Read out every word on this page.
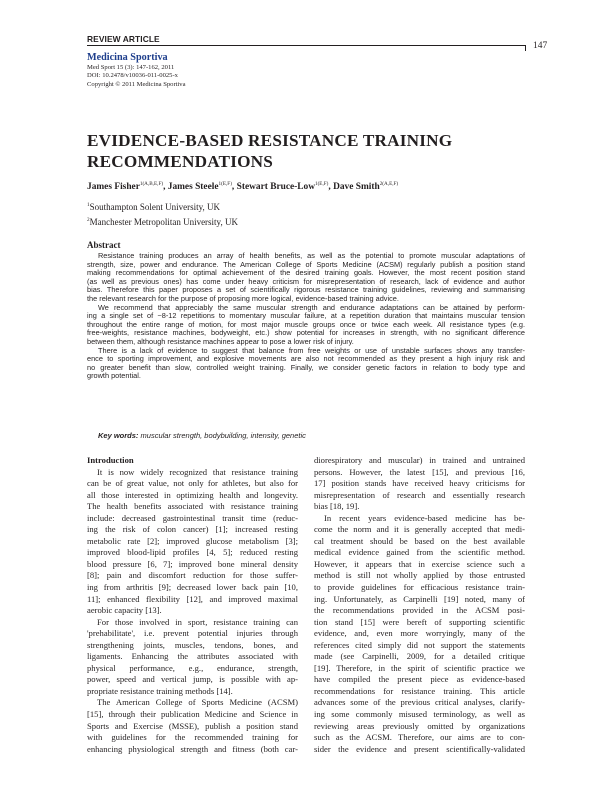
REVIEW ARTICLE
147
Medicina Sportiva
Med Sport 15 (3): 147-162, 2011
DOI: 10.2478/v10036-011-0025-x
Copyright © 2011 Medicina Sportiva
EVIDENCE-BASED RESISTANCE TRAINING
RECOMMENDATIONS
James Fisher$^{1(A,B,E,F)}$, James Steele$^{1(E,F)}$, Stewart Bruce-Low$^{1(E,F)}$, Dave Smith$^{2(A,E,F)}$
$^1$Southampton Solent University, UK
$^2$Manchester Metropolitan University, UK
Abstract
Resistance training produces an array of health benefits, as well as the potential to promote muscular adaptations of
strength, size, power and endurance. The American College of Sports Medicine (ACSM) regularly publish a position stand
making recommendations for optimal achievement of the desired training goals. However, the most recent position stand
(as well as previous ones) has come under heavy criticism for misrepresentation of research, lack of evidence and author
bias. Therefore this paper proposes a set of scientifically rigorous resistance training guidelines, reviewing and summarising
the relevant research for the purpose of proposing more logical, evidence-based training advice.
We recommend that appreciably the same muscular strength and endurance adaptations can be attained by perform-
ing a single set of ~8-12 repetitions to momentary muscular failure, at a repetition duration that maintains muscular tension
throughout the entire range of motion, for most major muscle groups once or twice each week. All resistance types (e.g.
free-weights, resistance machines, bodyweight, etc.) show potential for increases in strength, with no significant difference
between them, although resistance machines appear to pose a lower risk of injury.
There is a lack of evidence to suggest that balance from free weights or use of unstable surfaces shows any transfer-
ence to sporting improvement, and explosive movements are also not recommended as they present a high injury risk and
no greater benefit than slow, controlled weight training. Finally, we consider genetic factors in relation to body type and
growth potential.
Key words: muscular strength, bodybuilding, intensity, genetic
Introduction
It is now widely recognized that resistance training
can be of great value, not only for athletes, but also for
all those interested in optimizing health and longevity.
The health benefits associated with resistance training
include: decreased gastrointestinal transit time (reduc-
ing the risk of colon cancer) [1]; increased resting
metabolic rate [2]; improved glucose metabolism [3];
improved blood-lipid profiles [4, 5]; reduced resting
blood pressure [6, 7]; improved bone mineral density
[8]; pain and discomfort reduction for those suffer-
ing from arthritis [9]; decreased lower back pain [10,
11]; enhanced flexibility [12], and improved maximal
aerobic capacity [13].
For those involved in sport, resistance training can
'prehabilitate', i.e. prevent potential injuries through
strengthening joints, muscles, tendons, bones, and
ligaments. Enhancing the attributes associated with
physical performance, e.g., endurance, strength,
power, speed and vertical jump, is possible with ap-
propriate resistance training methods [14].
The American College of Sports Medicine (ACSM)
[15], through their publication Medicine and Science in
Sports and Exercise (MSSE), publish a position stand
with guidelines for the recommended training for
enhancing physiological strength and fitness (both car-
diorespiratory and muscular) in trained and untrained
persons. However, the latest [15], and previous [16,
17] position stands have received heavy criticisms for
misrepresentation of research and essentially research
bias [18, 19].
In recent years evidence-based medicine has be-
come the norm and it is generally accepted that medi-
cal treatment should be based on the best available
medical evidence gained from the scientific method.
However, it appears that in exercise science such a
method is still not wholly applied by those entrusted
to provide guidelines for efficacious resistance train-
ing. Unfortunately, as Carpinelli [19] noted, many of
the recommendations provided in the ACSM posi-
tion stand [15] were bereft of supporting scientific
evidence, and, even more worryingly, many of the
references cited simply did not support the statements
made (see Carpinelli, 2009, for a detailed critique
[19]. Therefore, in the spirit of scientific practice we
have compiled the present piece as evidence-based
recommendations for resistance training. This article
advances some of the previous critical analyses, clarify-
ing some commonly misused terminology, as well as
reviewing areas previously omitted by organizations
such as the ACSM. Therefore, our aims are to con-
sider the evidence and present scientifically-validated
